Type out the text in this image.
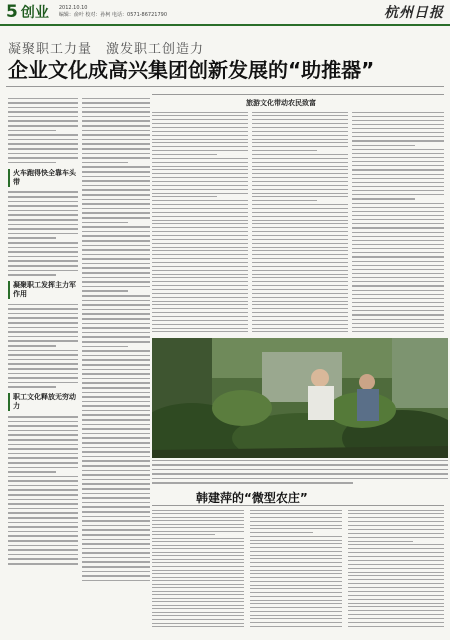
5 创业 2012.10.10
编辑：俞叶 校对：孙柯 电话：0571-86721790	杭州日报
凝聚职工力量　激发职工创造力
企业文化成高兴集团创新发展的“助推器”
火车跑得快全靠车头带
凝聚职工发挥主力军作用
职工文化释放无穷动力
旅游文化带动农民致富
韩建萍的“微型农庄”
